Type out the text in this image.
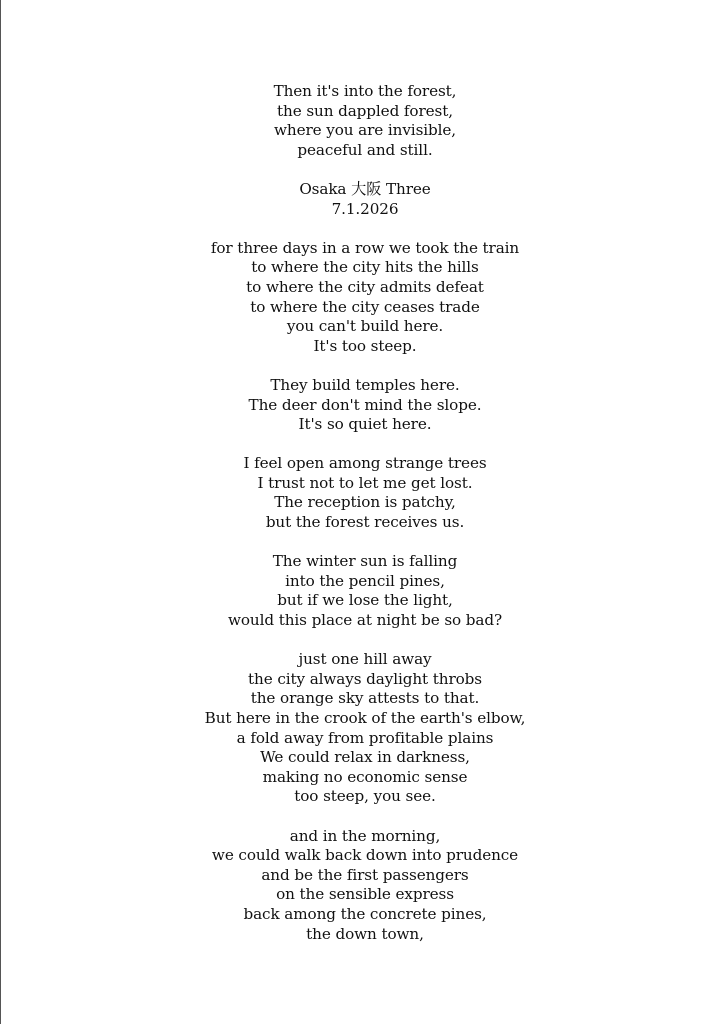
Then it's into the forest,
the sun dappled forest,
where you are invisible,
peaceful and still.
Osaka 大阪 Three
7.1.2026
for three days in a row we took the train
to where the city hits the hills
to where the city admits defeat
to where the city ceases trade
you can't build here.
It's too steep.
They build temples here.
The deer don't mind the slope.
It's so quiet here.
I feel open among strange trees
I trust not to let me get lost.
The reception is patchy,
but the forest receives us.
The winter sun is falling
into the pencil pines,
but if we lose the light,
would this place at night be so bad?
just one hill away
the city always daylight throbs
the orange sky attests to that.
But here in the crook of the earth's elbow,
a fold away from profitable plains
We could relax in darkness,
making no economic sense
too steep, you see.
and in the morning,
we could walk back down into prudence
and be the first passengers
on the sensible express
back among the concrete pines,
the down town,
